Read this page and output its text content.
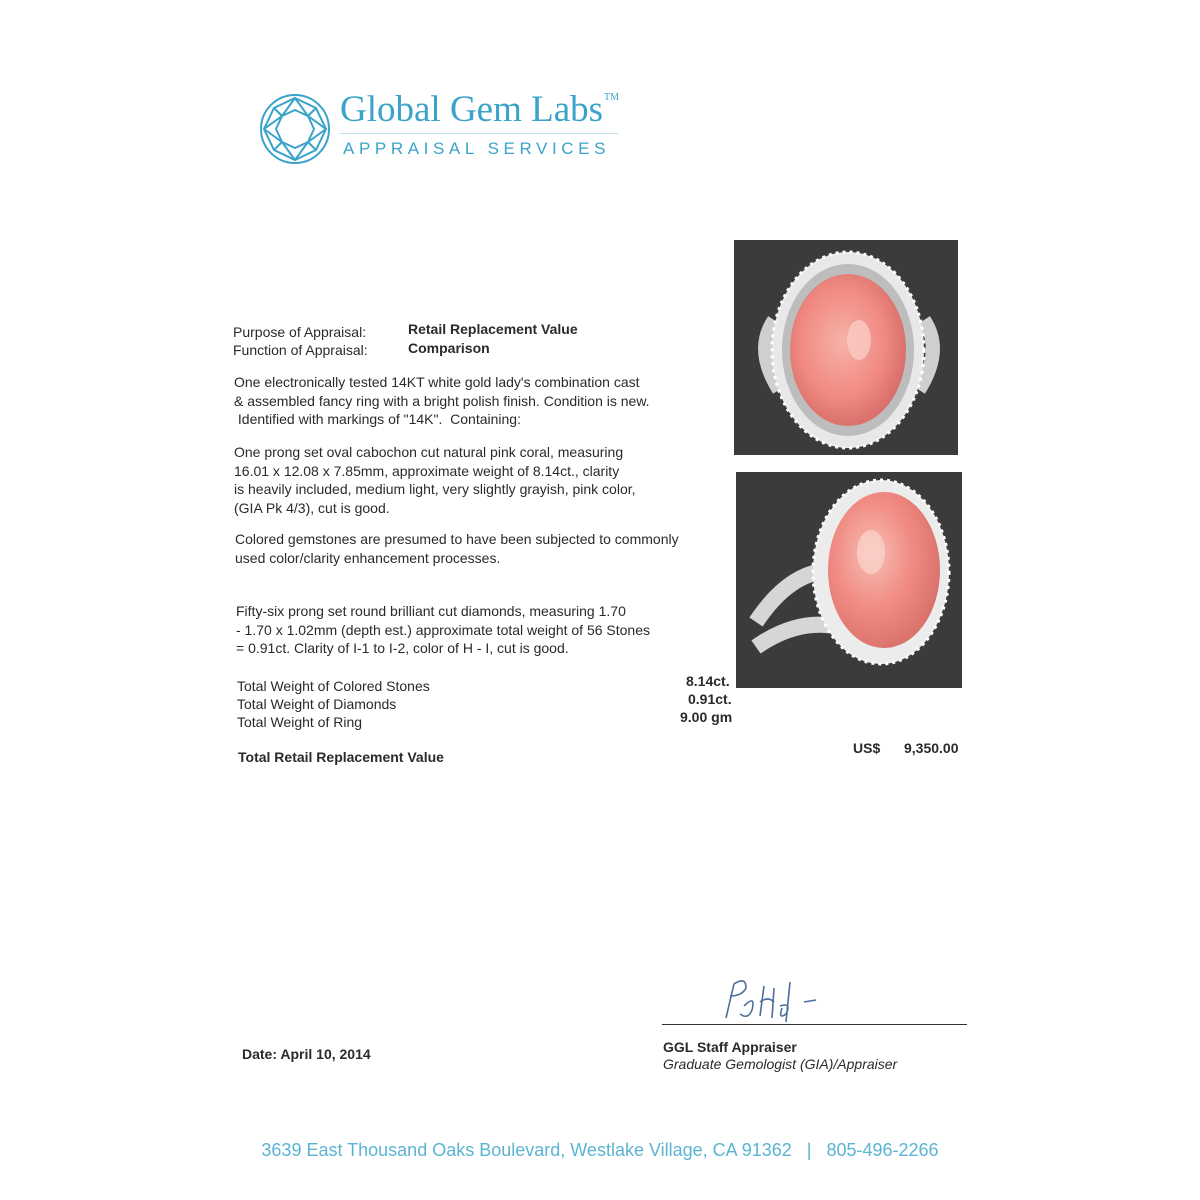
Global Gem Labs™
APPRAISAL SERVICES
Purpose of Appraisal:	Retail Replacement Value
Function of Appraisal:	Comparison
One electronically tested 14KT white gold lady's combination cast
& assembled fancy ring with a bright polish finish. Condition is new.
Identified with markings of "14K".  Containing:
One prong set oval cabochon cut natural pink coral, measuring
16.01 x 12.08 x 7.85mm, approximate weight of 8.14ct., clarity
is heavily included, medium light, very slightly grayish, pink color,
(GIA Pk 4/3), cut is good.
Colored gemstones are presumed to have been subjected to commonly
used color/clarity enhancement processes.
Fifty-six prong set round brilliant cut diamonds, measuring 1.70
- 1.70 x 1.02mm (depth est.) approximate total weight of 56 Stones
= 0.91ct. Clarity of I-1 to I-2, color of H - I, cut is good.
Total Weight of Colored Stones	8.14ct.
Total Weight of Diamonds	0.91ct.
Total Weight of Ring	9.00 gm
Total Retail Replacement Value
US$ 9,350.00
Date: April 10, 2014	GGL Staff Appraiser
Graduate Gemologist (GIA)/Appraiser
3639 East Thousand Oaks Boulevard, Westlake Village, CA 91362 | 805-496-2266
